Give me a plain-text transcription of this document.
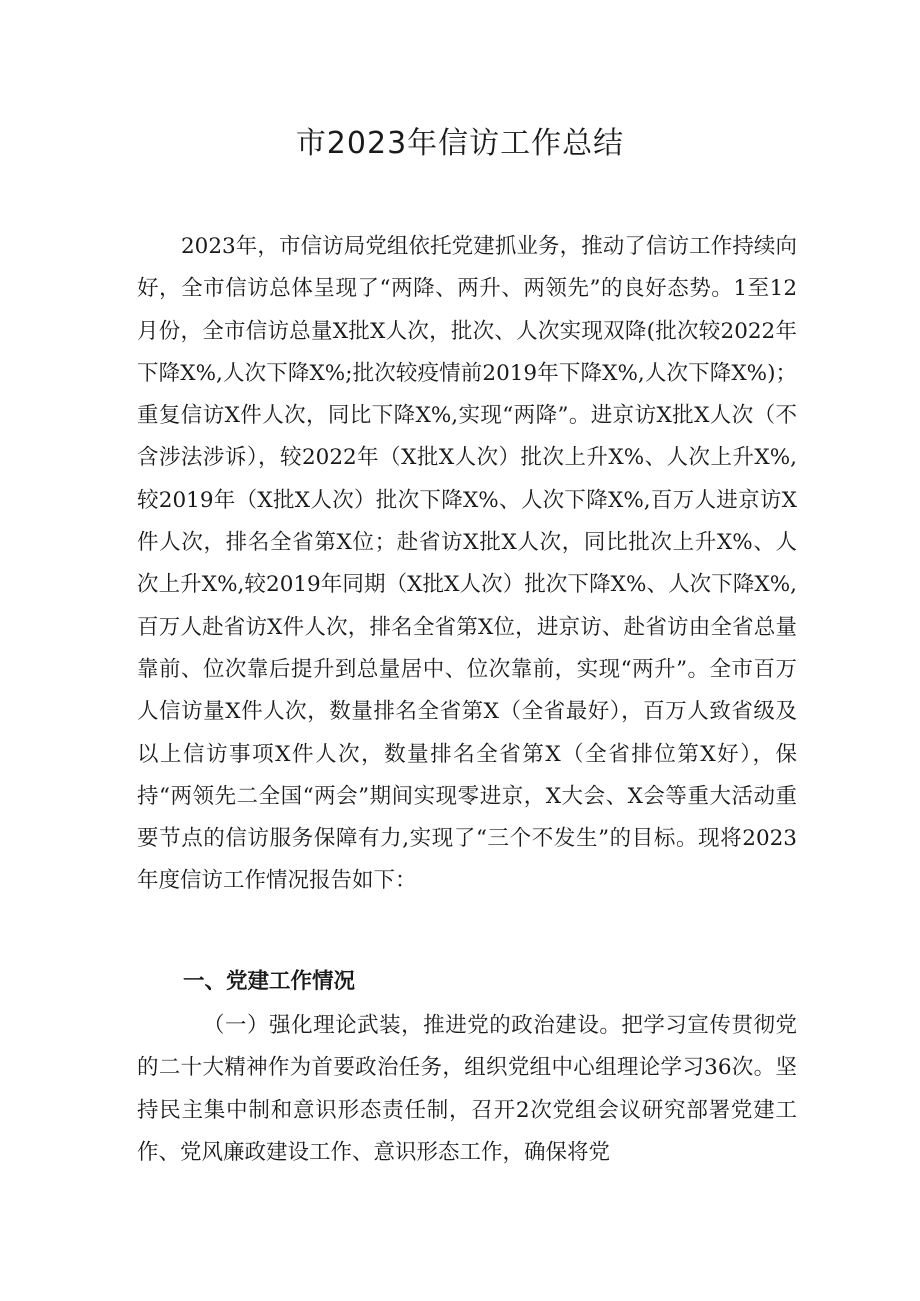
市2023年信访工作总结
2023年，市信访局党组依托党建抓业务，推动了信访工作持续向好，全市信访总体呈现了“两降、两升、两领先”的良好态势。1至12月份，全市信访总量X批X人次，批次、人次实现双降(批次较2022年下降X%,人次下降X%;批次较疫情前2019年下降X%,人次下降X%)；重复信访X件人次，同比下降X%,实现“两降”。进京访X批X人次（不含涉法涉诉），较2022年（X批X人次）批次上升X%、人次上升X%,较2019年（X批X人次）批次下降X%、人次下降X%,百万人进京访X件人次，排名全省第X位；赴省访X批X人次，同比批次上升X%、人次上升X%,较2019年同期（X批X人次）批次下降X%、人次下降X%,百万人赴省访X件人次，排名全省第X位，进京访、赴省访由全省总量靠前、位次靠后提升到总量居中、位次靠前，实现“两升”。全市百万人信访量X件人次，数量排名全省第X（全省最好），百万人致省级及以上信访事项X件人次，数量排名全省第X（全省排位第X好），保持“两领先二全国“两会”期间实现零进京，X大会、X会等重大活动重要节点的信访服务保障有力,实现了“三个不发生”的目标。现将2023年度信访工作情况报告如下：
一、党建工作情况
（一）强化理论武装，推进党的政治建设。把学习宣传贯彻党的二十大精神作为首要政治任务，组织党组中心组理论学习36次。坚持民主集中制和意识形态责任制，召开2次党组会议研究部署党建工作、党风廉政建设工作、意识形态工作，确保将党
